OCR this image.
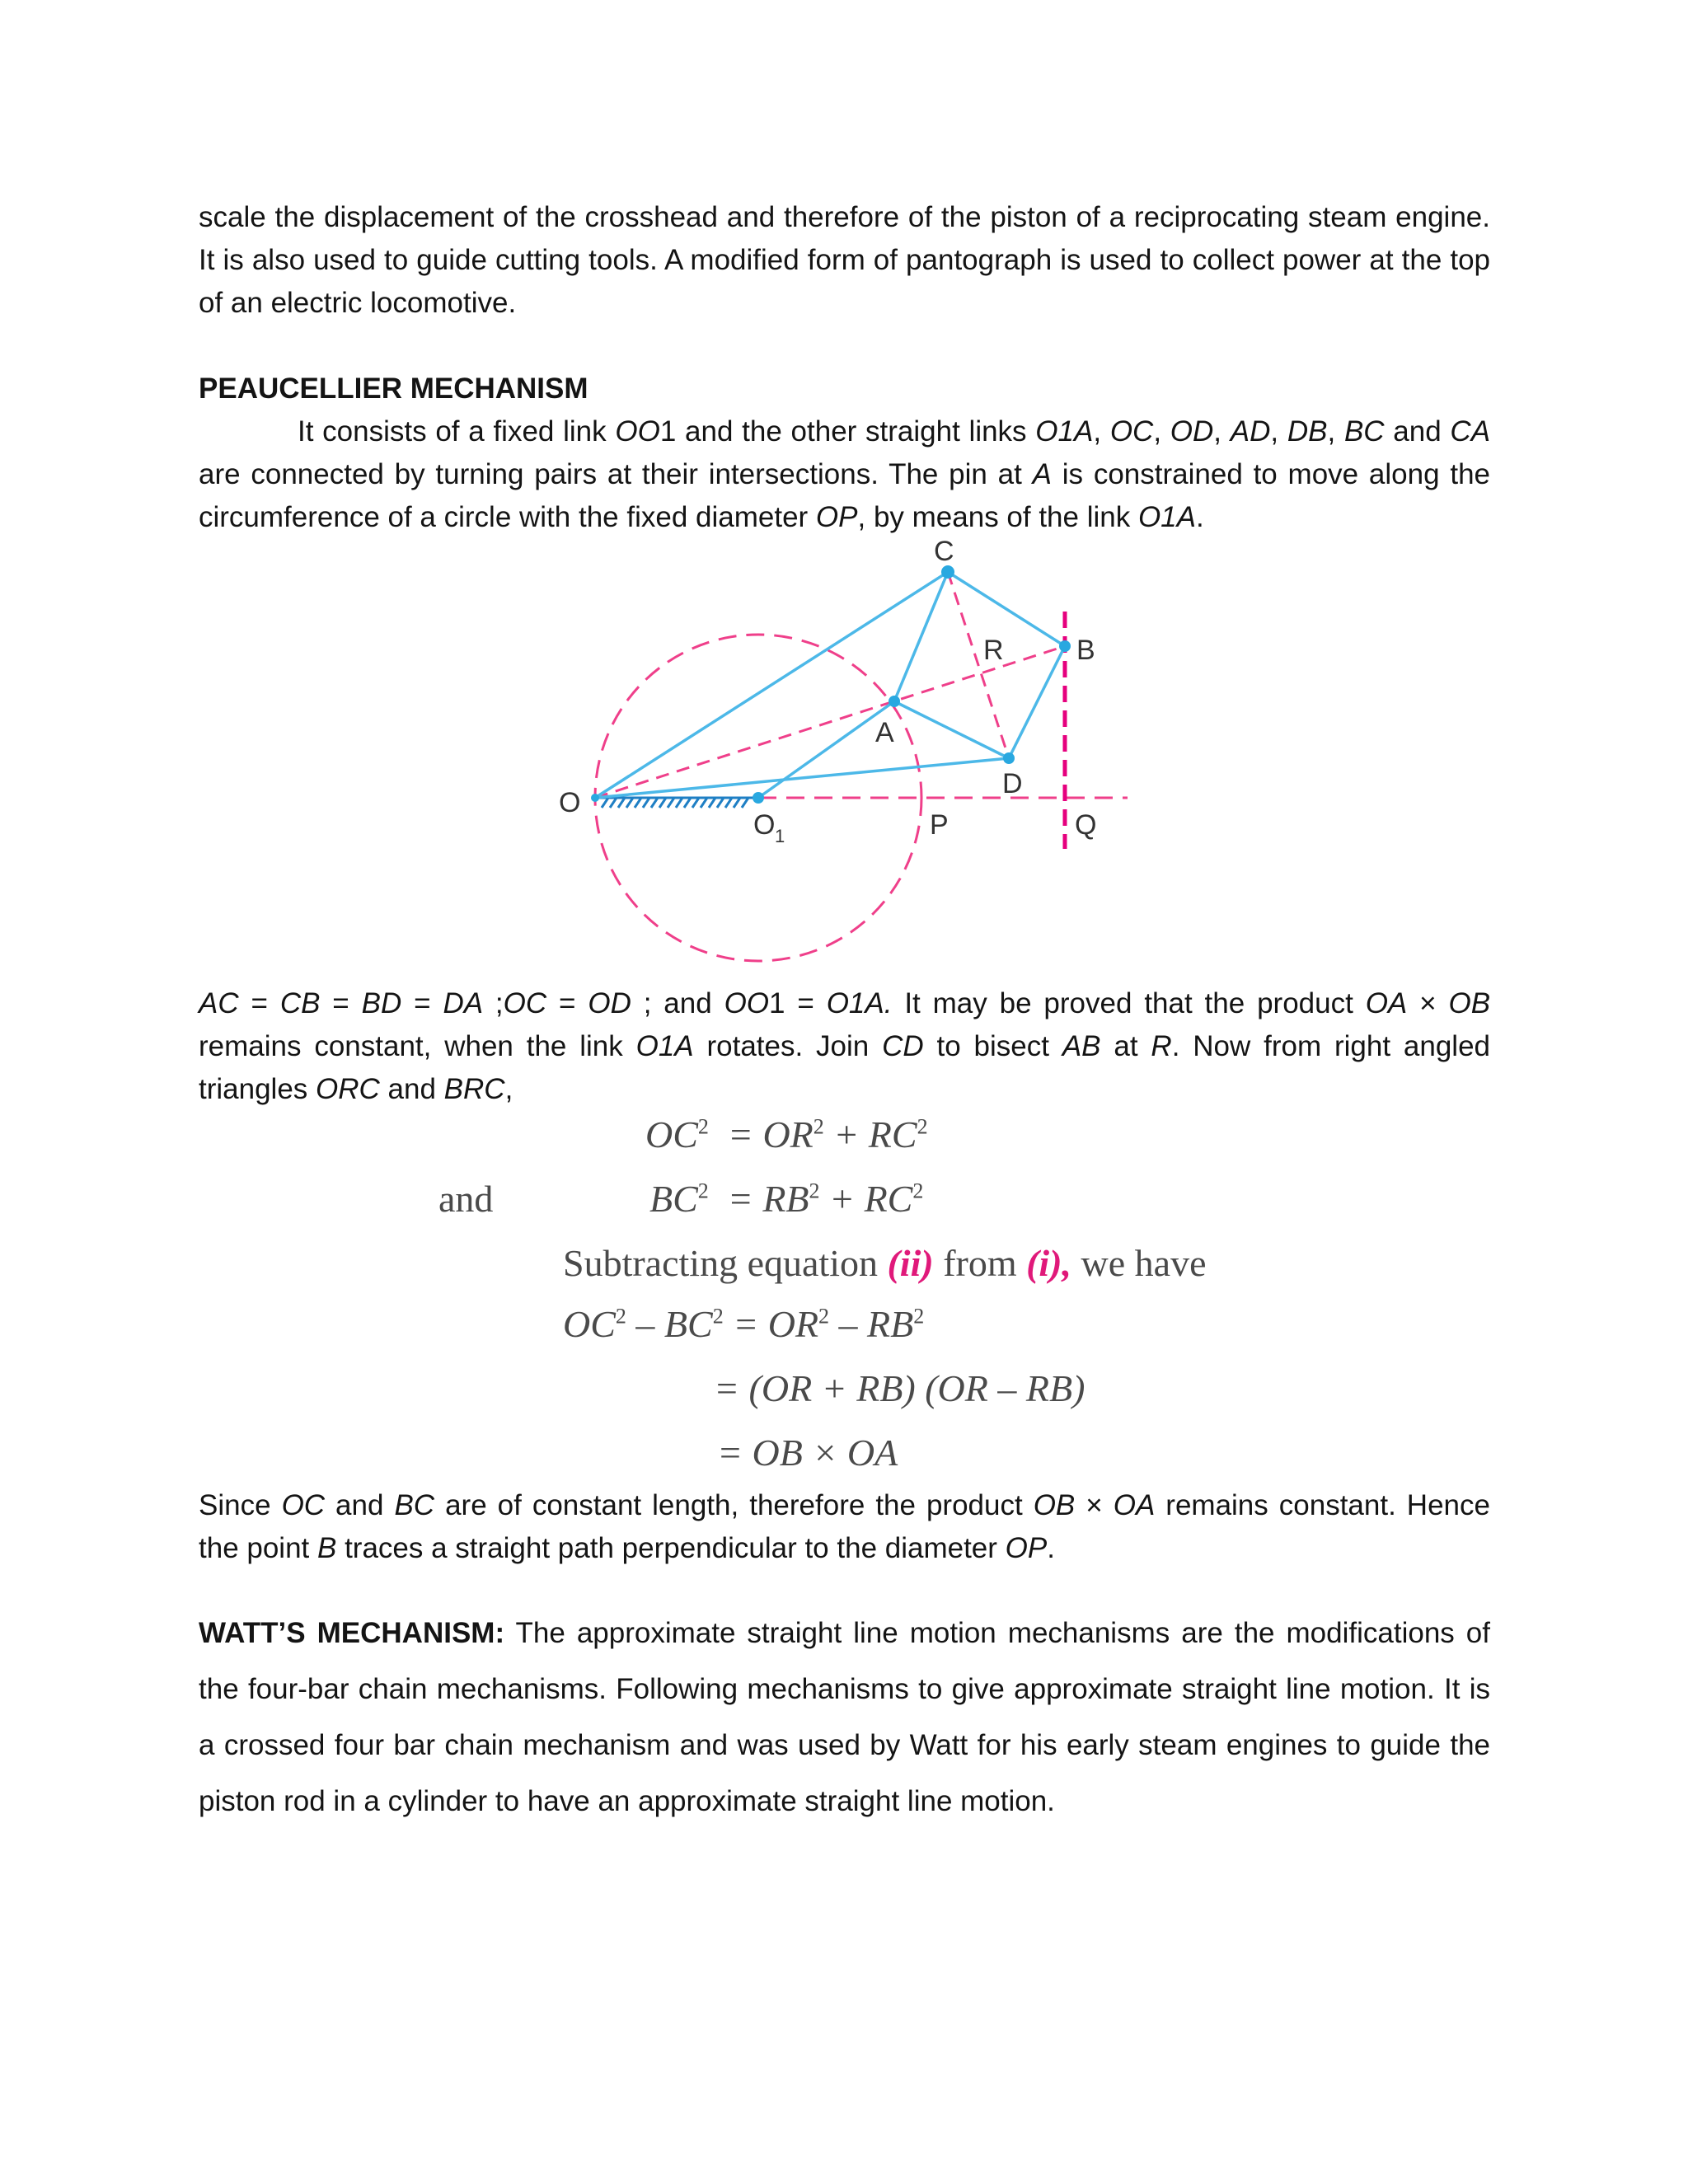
scale the displacement of the crosshead and therefore of the piston of a reciprocating steam engine. It is also used to guide cutting tools. A modified form of pantograph is used to collect power at the top of an electric locomotive.

PEAUCELLIER MECHANISM

It consists of a fixed link OO1 and the other straight links O1A, OC, OD, AD, DB, BC and CA are connected by turning pairs at their intersections. The pin at A is constrained to move along the circumference of a circle with the fixed diameter OP, by means of the link O1A.

C
R	B
A
D
O
O 1	P	Q

AC = CB = BD = DA ;OC = OD ; and OO1 = O1A. It may be proved that the product OA × OB remains constant, when the link O1A rotates. Join CD to bisect AB at R. Now from right angled triangles ORC and BRC,

$OC^2 = OR^2 + RC^2$
and	$BC^2 = RB^2 + RC^2$
Subtracting equation (ii) from (i), we have
$OC^2 - BC^2 = OR^2 - RB^2$
= (OR + RB) (OR – RB)
= OB × OA

Since OC and BC are of constant length, therefore the product OB × OA remains constant. Hence the point B traces a straight path perpendicular to the diameter OP.

WATT’S MECHANISM: The approximate straight line motion mechanisms are the modifications of the four-bar chain mechanisms. Following mechanisms to give approximate straight line motion. It is a crossed four bar chain mechanism and was used by Watt for his early steam engines to guide the piston rod in a cylinder to have an approximate straight line motion.
